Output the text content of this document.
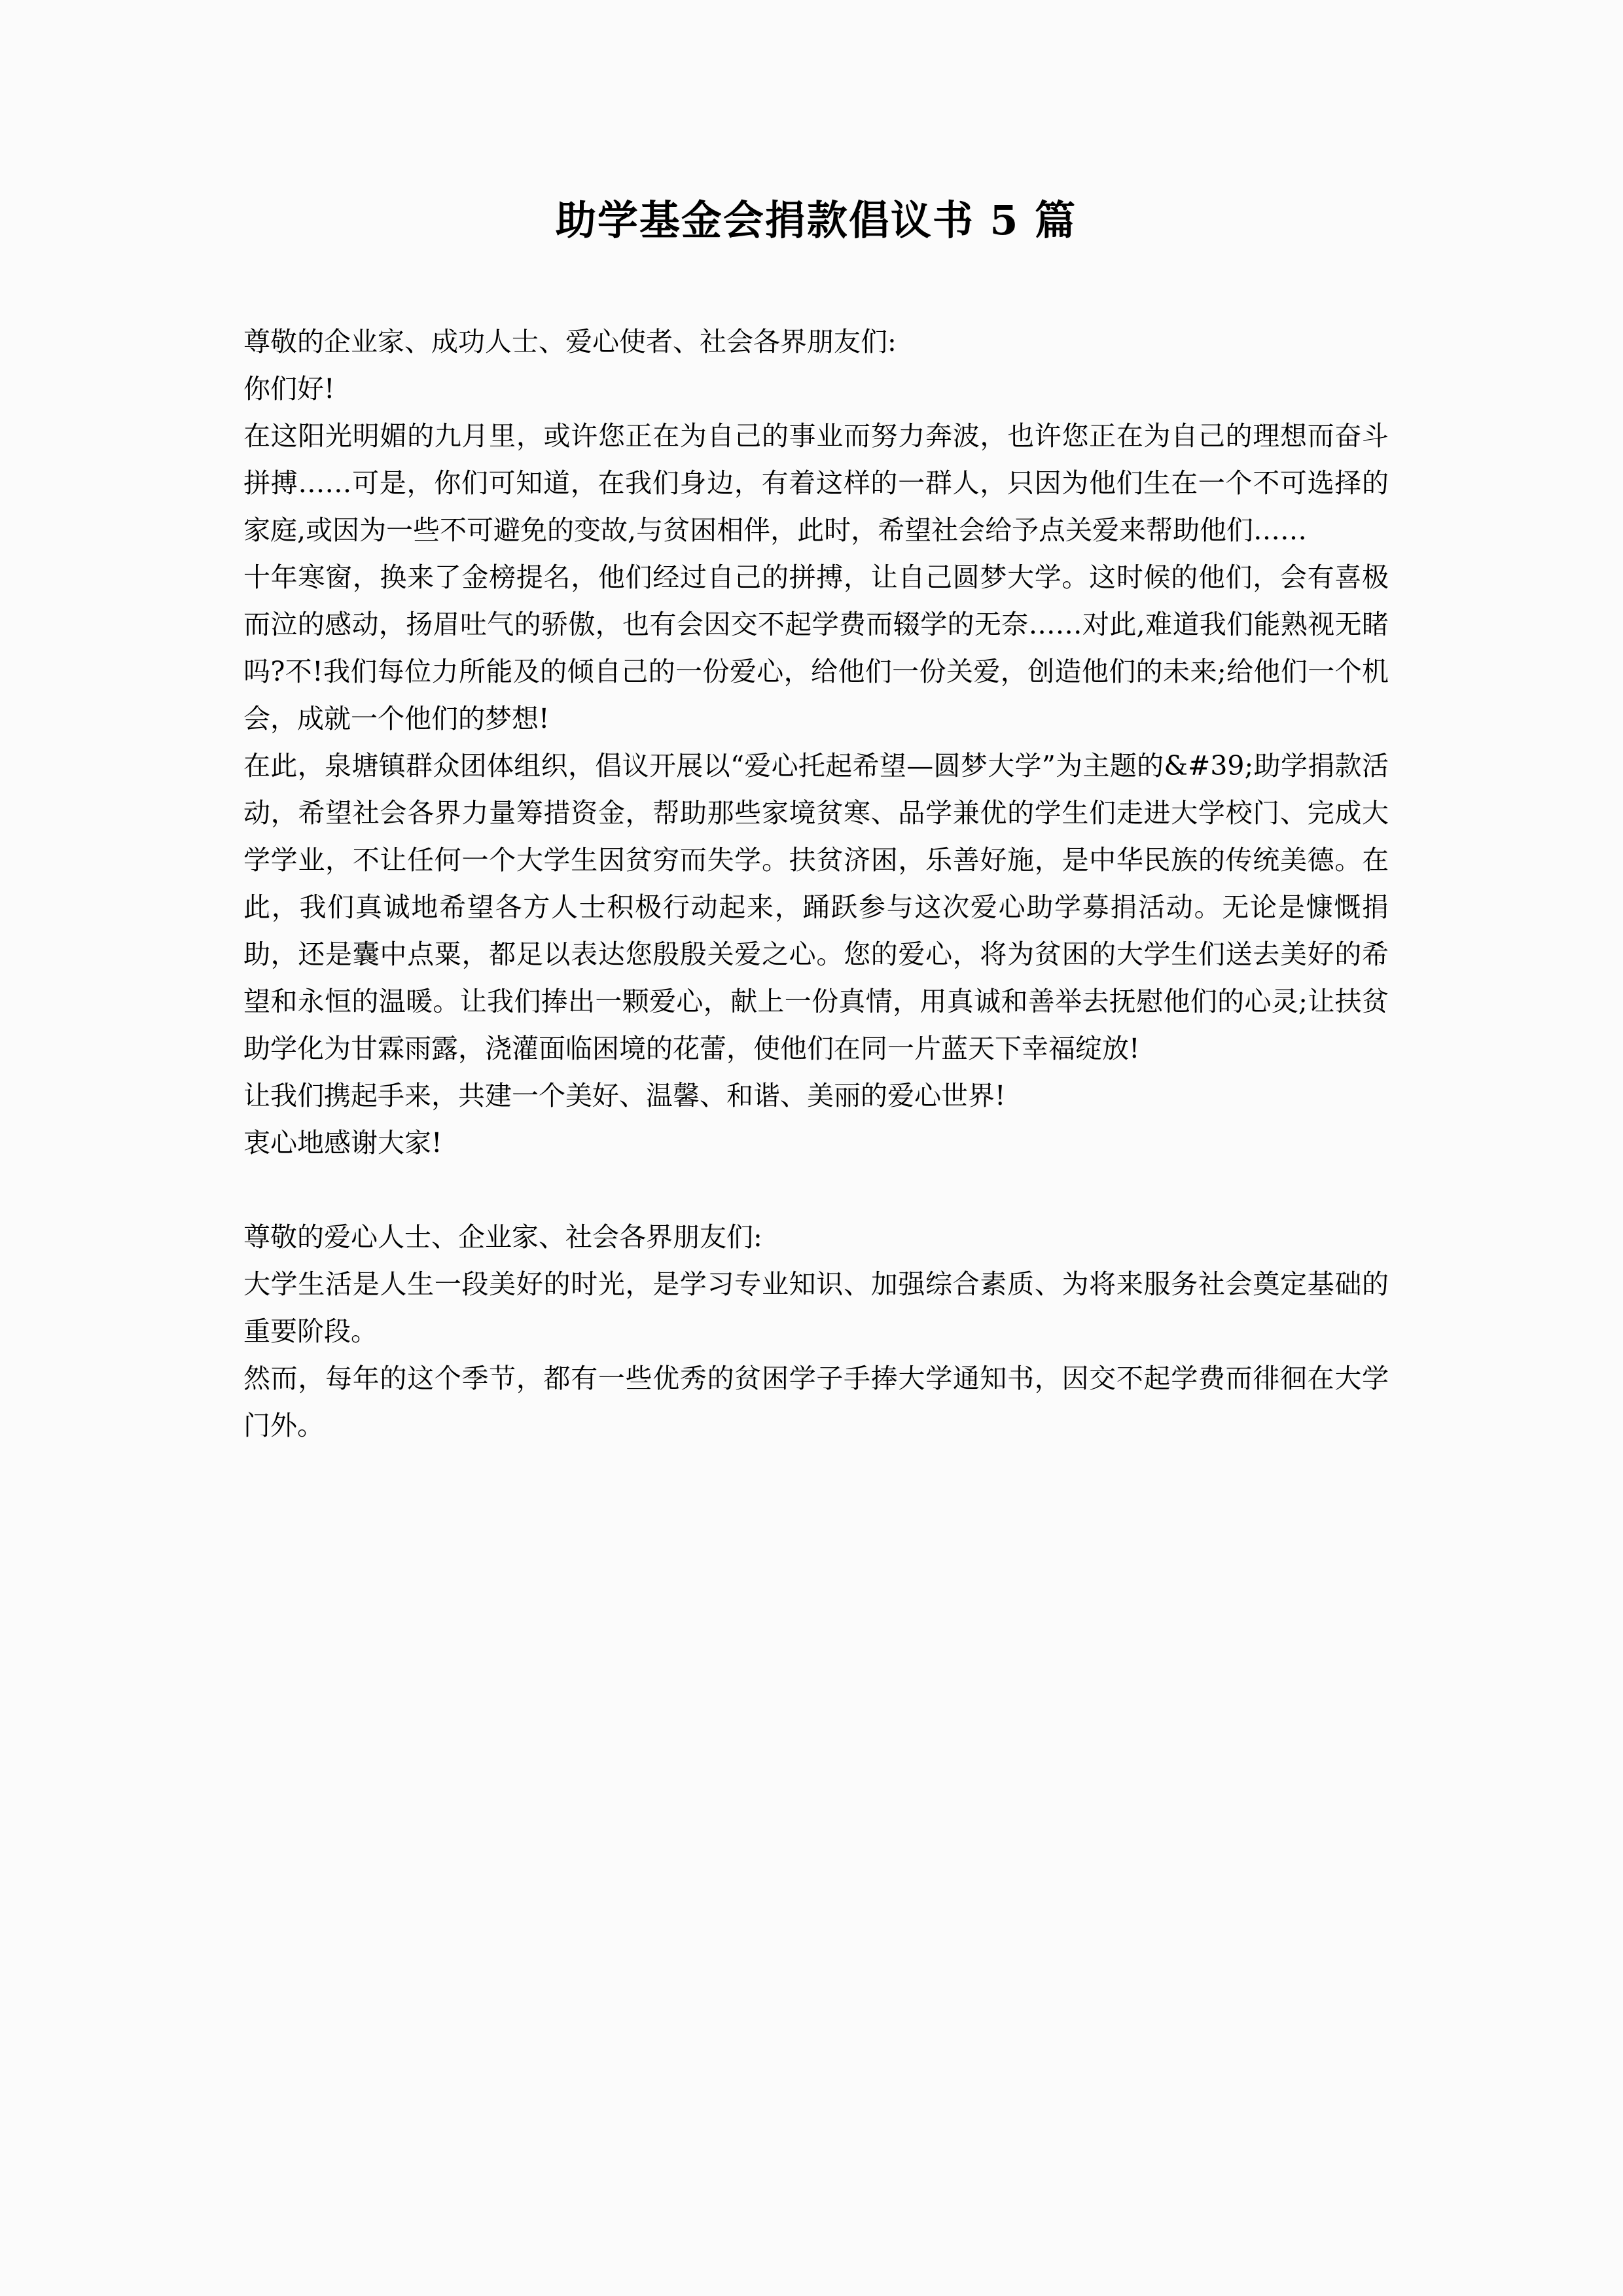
助学基金会捐款倡议书 5 篇

尊敬的企业家、成功人士、爱心使者、社会各界朋友们:

你们好!

在这阳光明媚的九月里，或许您正在为自己的事业而努力奔波，也许您正在为自己的理想而奋斗拼搏……可是，你们可知道，在我们身边，有着这样的一群人，只因为他们生在一个不可选择的家庭,或因为一些不可避免的变故,与贫困相伴，此时，希望社会给予点关爱来帮助他们……

十年寒窗，换来了金榜提名，他们经过自己的拼搏，让自己圆梦大学。这时候的他们，会有喜极而泣的感动，扬眉吐气的骄傲，也有会因交不起学费而辍学的无奈……对此,难道我们能熟视无睹吗?不!我们每位力所能及的倾自己的一份爱心，给他们一份关爱，创造他们的未来;给他们一个机会，成就一个他们的梦想!

在此，泉塘镇群众团体组织，倡议开展以“爱心托起希望—圆梦大学”为主题的&#39;助学捐款活动，希望社会各界力量筹措资金，帮助那些家境贫寒、品学兼优的学生们走进大学校门、完成大学学业，不让任何一个大学生因贫穷而失学。扶贫济困，乐善好施，是中华民族的传统美德。在此，我们真诚地希望各方人士积极行动起来，踊跃参与这次爱心助学募捐活动。无论是慷慨捐助，还是囊中点粟，都足以表达您殷殷关爱之心。您的爱心，将为贫困的大学生们送去美好的希望和永恒的温暖。让我们捧出一颗爱心，献上一份真情，用真诚和善举去抚慰他们的心灵;让扶贫助学化为甘霖雨露，浇灌面临困境的花蕾，使他们在同一片蓝天下幸福绽放!

让我们携起手来，共建一个美好、温馨、和谐、美丽的爱心世界!

衷心地感谢大家!

尊敬的爱心人士、企业家、社会各界朋友们:

大学生活是人生一段美好的时光，是学习专业知识、加强综合素质、为将来服务社会奠定基础的重要阶段。

然而，每年的这个季节，都有一些优秀的贫困学子手捧大学通知书，因交不起学费而徘徊在大学门外。
